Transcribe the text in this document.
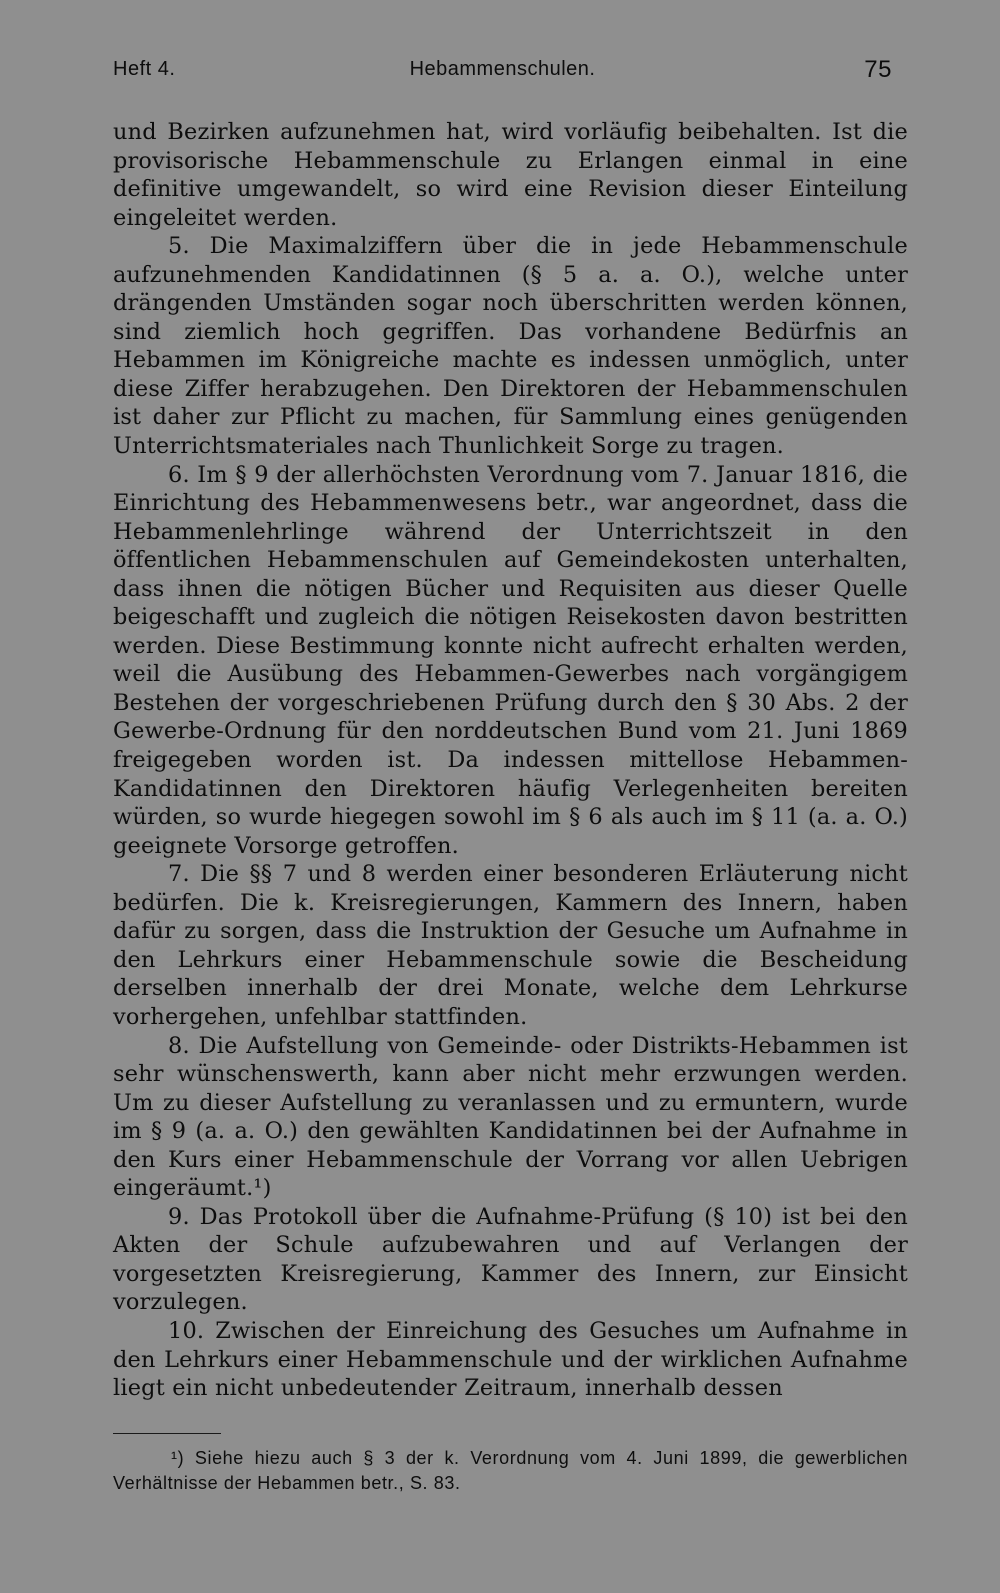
Heft 4.	Hebammenschulen.	75

und Bezirken aufzunehmen hat, wird vorläufig beibehalten. Ist die provisorische Hebammenschule zu Erlangen einmal in eine definitive umgewandelt, so wird eine Revision dieser Einteilung eingeleitet werden.

5. Die Maximalziffern über die in jede Hebammenschule aufzunehmenden Kandidatinnen (§ 5 a. a. O.), welche unter drängenden Umständen sogar noch überschritten werden können, sind ziemlich hoch gegriffen. Das vorhandene Bedürfnis an Hebammen im Königreiche machte es indessen unmöglich, unter diese Ziffer herabzugehen. Den Direktoren der Hebammenschulen ist daher zur Pflicht zu machen, für Sammlung eines genügenden Unterrichtsmateriales nach Thunlichkeit Sorge zu tragen.

6. Im § 9 der allerhöchsten Verordnung vom 7. Januar 1816, die Einrichtung des Hebammenwesens betr., war angeordnet, dass die Hebammenlehrlinge während der Unterrichtszeit in den öffentlichen Hebammenschulen auf Gemeindekosten unterhalten, dass ihnen die nötigen Bücher und Requisiten aus dieser Quelle beigeschafft und zugleich die nötigen Reisekosten davon bestritten werden. Diese Bestimmung konnte nicht aufrecht erhalten werden, weil die Ausübung des Hebammen-Gewerbes nach vorgängigem Bestehen der vorgeschriebenen Prüfung durch den § 30 Abs. 2 der Gewerbe-Ordnung für den norddeutschen Bund vom 21. Juni 1869 freigegeben worden ist. Da indessen mittellose Hebammen-Kandidatinnen den Direktoren häufig Verlegenheiten bereiten würden, so wurde hiegegen sowohl im § 6 als auch im § 11 (a. a. O.) geeignete Vorsorge getroffen.

7. Die §§ 7 und 8 werden einer besonderen Erläuterung nicht bedürfen. Die k. Kreisregierungen, Kammern des Innern, haben dafür zu sorgen, dass die Instruktion der Gesuche um Aufnahme in den Lehrkurs einer Hebammenschule sowie die Bescheidung derselben innerhalb der drei Monate, welche dem Lehrkurse vorhergehen, unfehlbar stattfinden.

8. Die Aufstellung von Gemeinde- oder Distrikts-Hebammen ist sehr wünschenswerth, kann aber nicht mehr erzwungen werden. Um zu dieser Aufstellung zu veranlassen und zu ermuntern, wurde im § 9 (a. a. O.) den gewählten Kandidatinnen bei der Aufnahme in den Kurs einer Hebammenschule der Vorrang vor allen Uebrigen eingeräumt.¹)

9. Das Protokoll über die Aufnahme-Prüfung (§ 10) ist bei den Akten der Schule aufzubewahren und auf Verlangen der vorgesetzten Kreisregierung, Kammer des Innern, zur Einsicht vorzulegen.

10. Zwischen der Einreichung des Gesuches um Aufnahme in den Lehrkurs einer Hebammenschule und der wirklichen Aufnahme liegt ein nicht unbedeutender Zeitraum, innerhalb dessen

¹) Siehe hiezu auch § 3 der k. Verordnung vom 4. Juni 1899, die gewerblichen Verhältnisse der Hebammen betr., S. 83.
